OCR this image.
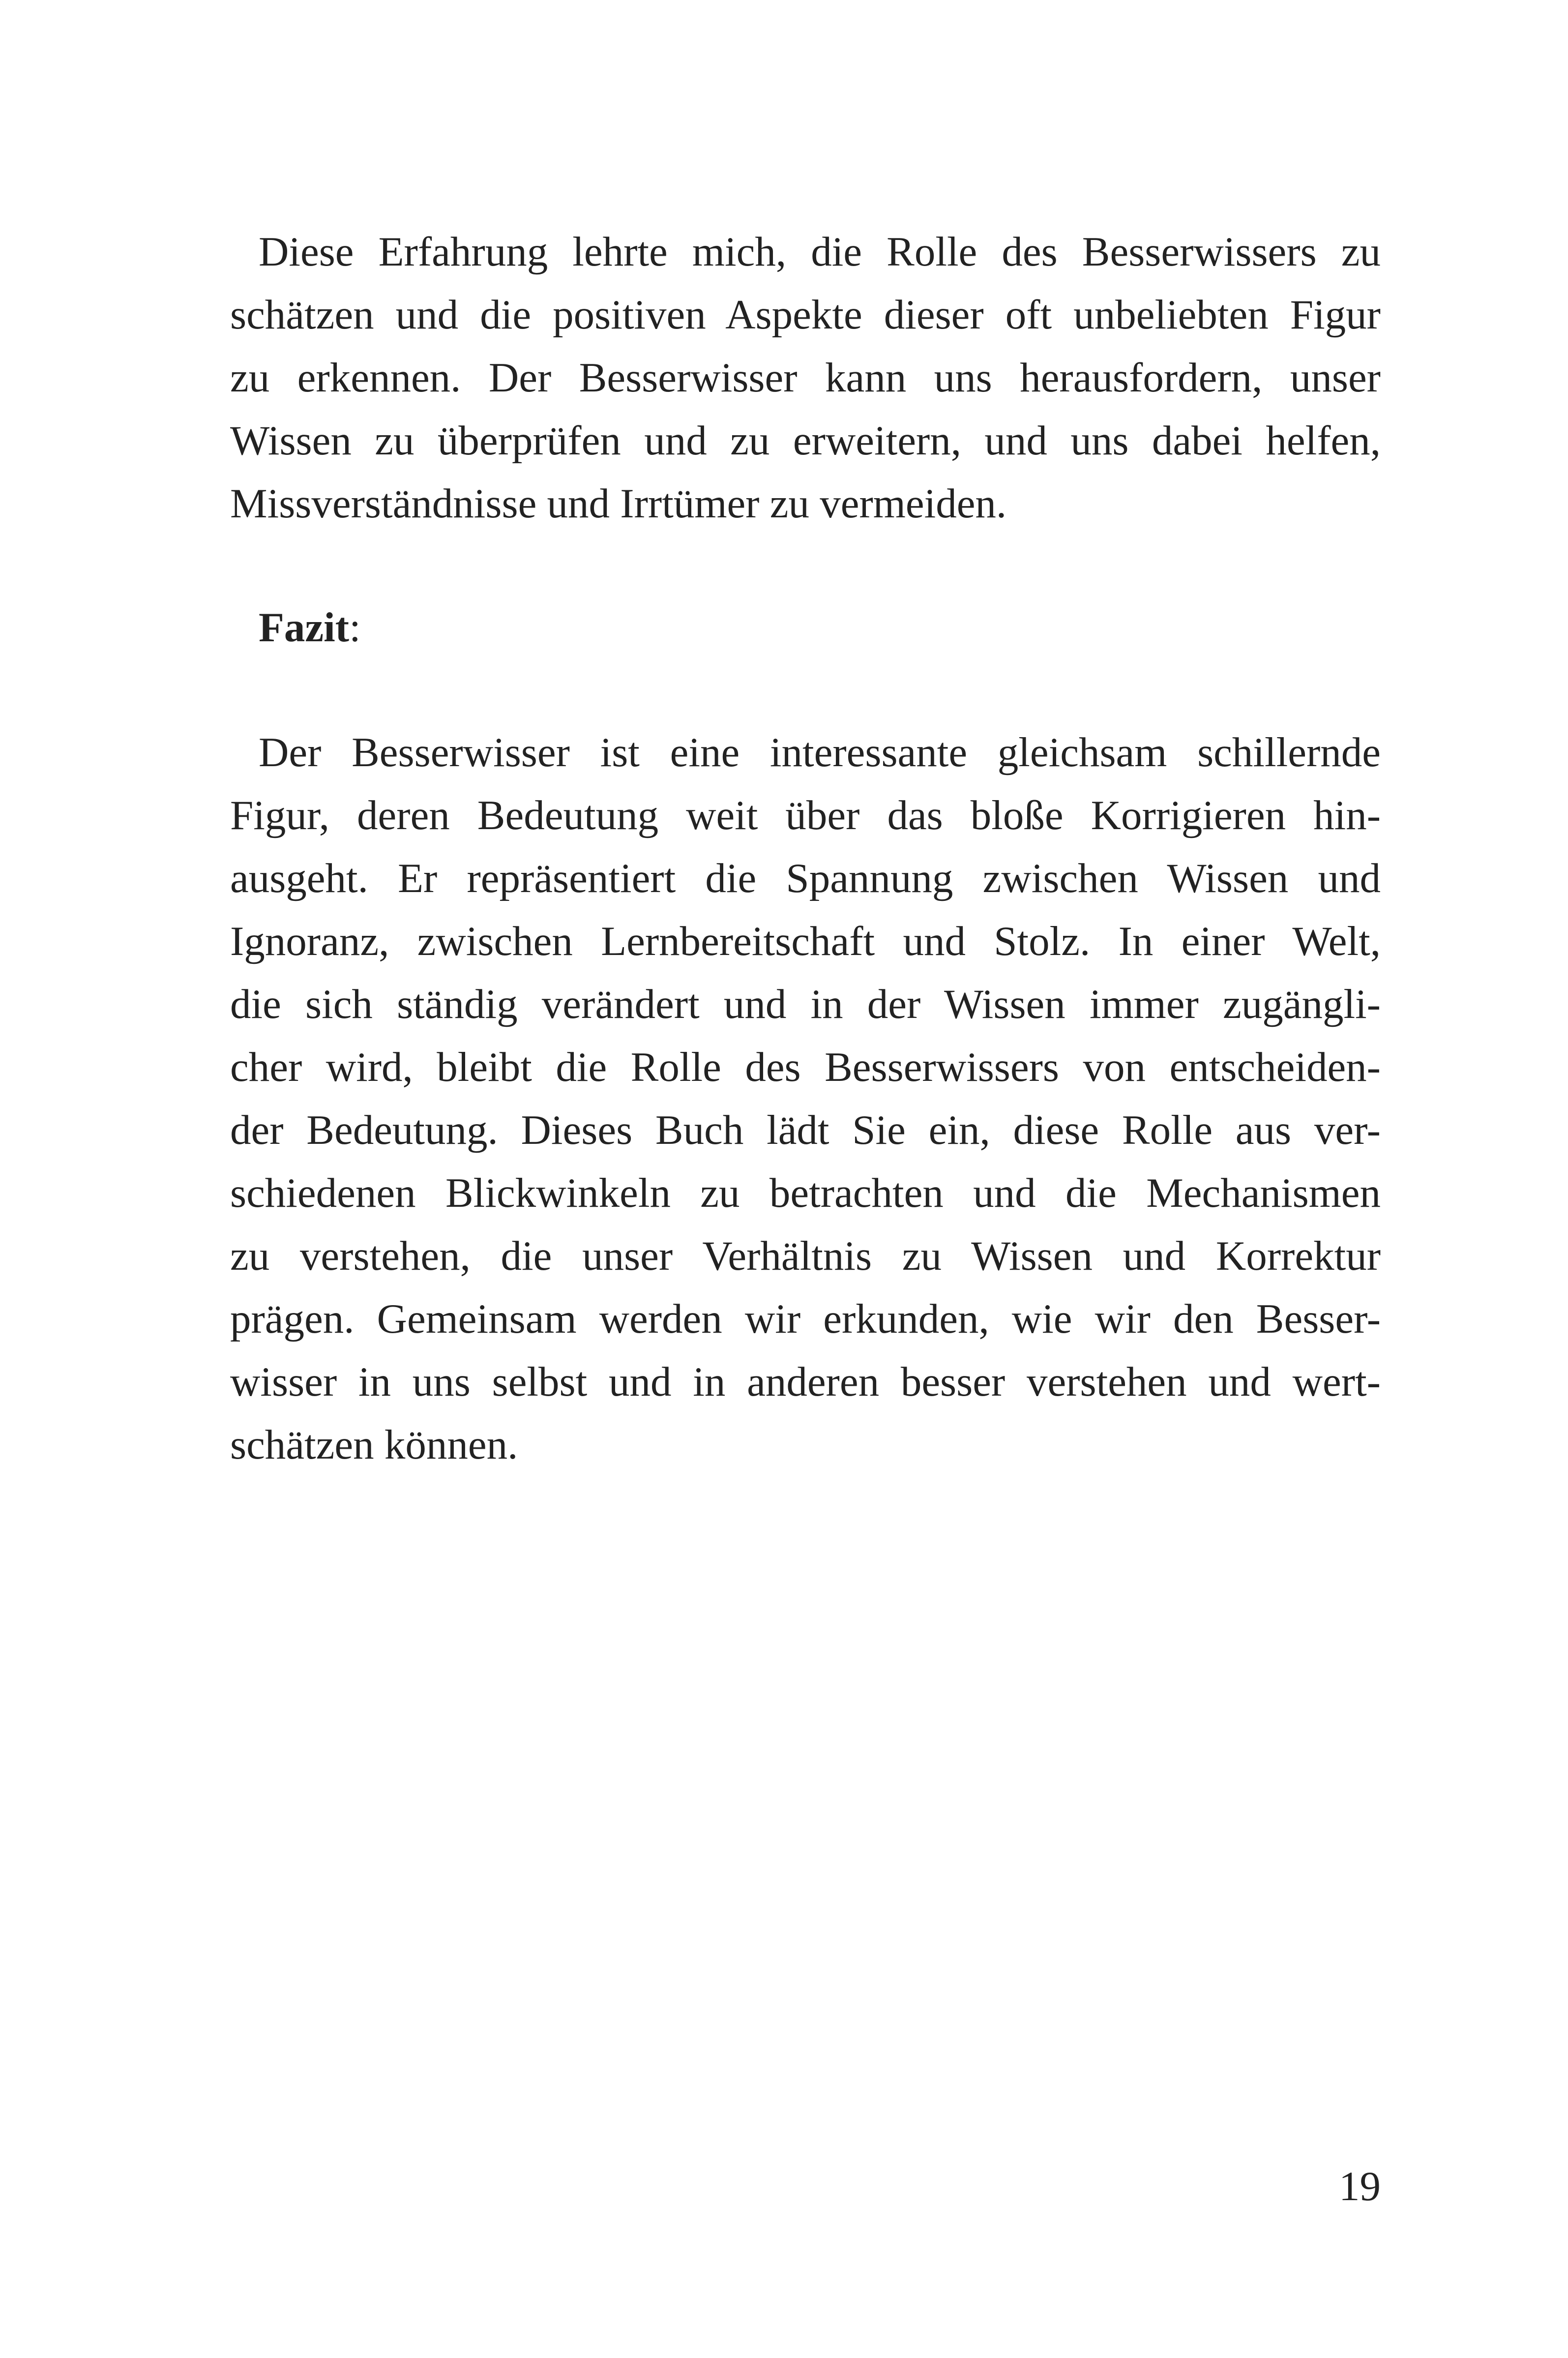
Diese Erfahrung lehrte mich, die Rolle des Besserwissers zu
schätzen und die positiven Aspekte dieser oft unbeliebten Figur
zu erkennen. Der Besserwisser kann uns herausfordern, unser
Wissen zu überprüfen und zu erweitern, und uns dabei helfen,
Missverständnisse und Irrtümer zu vermeiden.
Fazit:
Der Besserwisser ist eine interessante gleichsam schillernde
Figur, deren Bedeutung weit über das bloße Korrigieren hin-
ausgeht. Er repräsentiert die Spannung zwischen Wissen und
Ignoranz, zwischen Lernbereitschaft und Stolz. In einer Welt,
die sich ständig verändert und in der Wissen immer zugängli-
cher wird, bleibt die Rolle des Besserwissers von entscheiden-
der Bedeutung. Dieses Buch lädt Sie ein, diese Rolle aus ver-
schiedenen Blickwinkeln zu betrachten und die Mechanismen
zu verstehen, die unser Verhältnis zu Wissen und Korrektur
prägen. Gemeinsam werden wir erkunden, wie wir den Besser-
wisser in uns selbst und in anderen besser verstehen und wert-
schätzen können.
19
